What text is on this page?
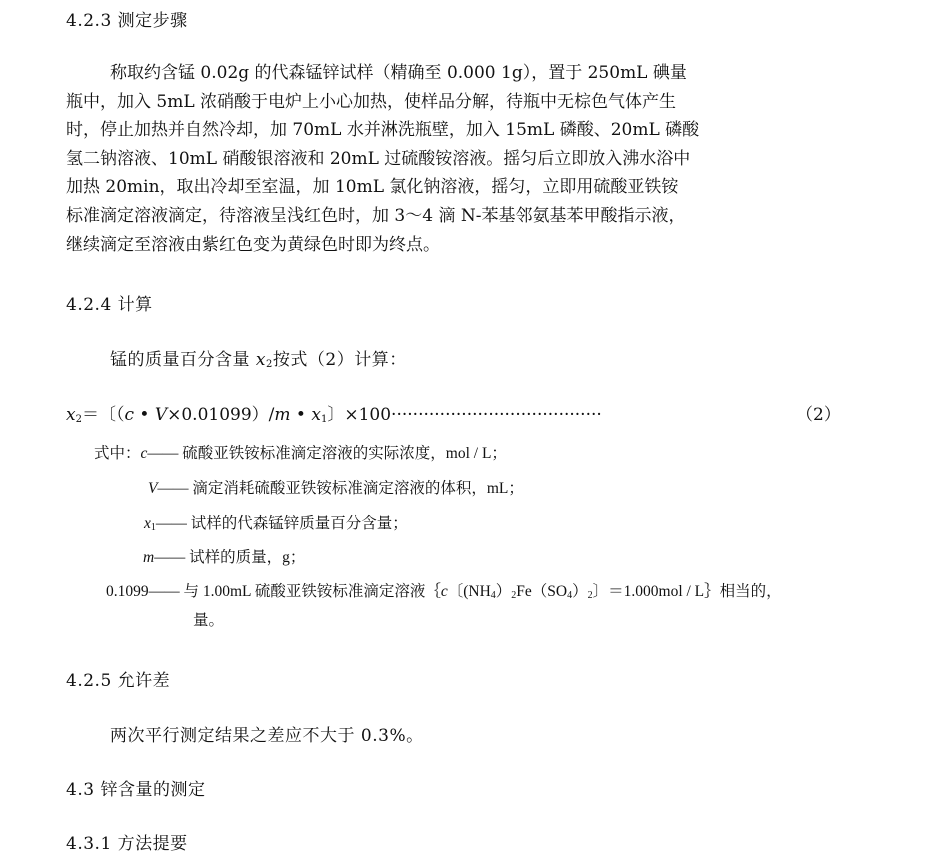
4.2.3 测定步骤
称取约含锰 0.02g 的代森锰锌试样（精确至 0.000 1g），置于 250mL 碘量
瓶中，加入 5mL 浓硝酸于电炉上小心加热，使样品分解，待瓶中无棕色气体产生
时，停止加热并自然冷却，加 70mL 水并淋洗瓶壁，加入 15mL 磷酸、20mL 磷酸
氢二钠溶液、10mL 硝酸银溶液和 20mL 过硫酸铵溶液。摇匀后立即放入沸水浴中
加热 20min，取出冷却至室温，加 10mL 氯化钠溶液，摇匀，立即用硫酸亚铁铵
标准滴定溶液滴定，待溶液呈浅红色时，加 3～4 滴 N-苯基邻氨基苯甲酸指示液，
继续滴定至溶液由紫红色变为黄绿色时即为终点。
4.2.4 计算
锰的质量百分含量 $x_2$按式（2）计算：
$x_2=$〔（c • V×0.01099）/m • $x_1$〕×100·······································	（2）
式中：c—— 硫酸亚铁铵标准滴定溶液的实际浓度，mol / L；
V—— 滴定消耗硫酸亚铁铵标准滴定溶液的体积，mL；
$x_1——$ 试样的代森锰锌质量百分含量；
m—— 试样的质量，g；
0.1099—— 与 1.00mL 硫酸亚铁铵标准滴定溶液｛c〔$(NH_4)_2Fe(SO_4)_2$〕＝1.000mol / L｝相当的，
量。
4.2.5 允许差
两次平行测定结果之差应不大于 0.3%。
4.3 锌含量的测定
4.3.1 方法提要
